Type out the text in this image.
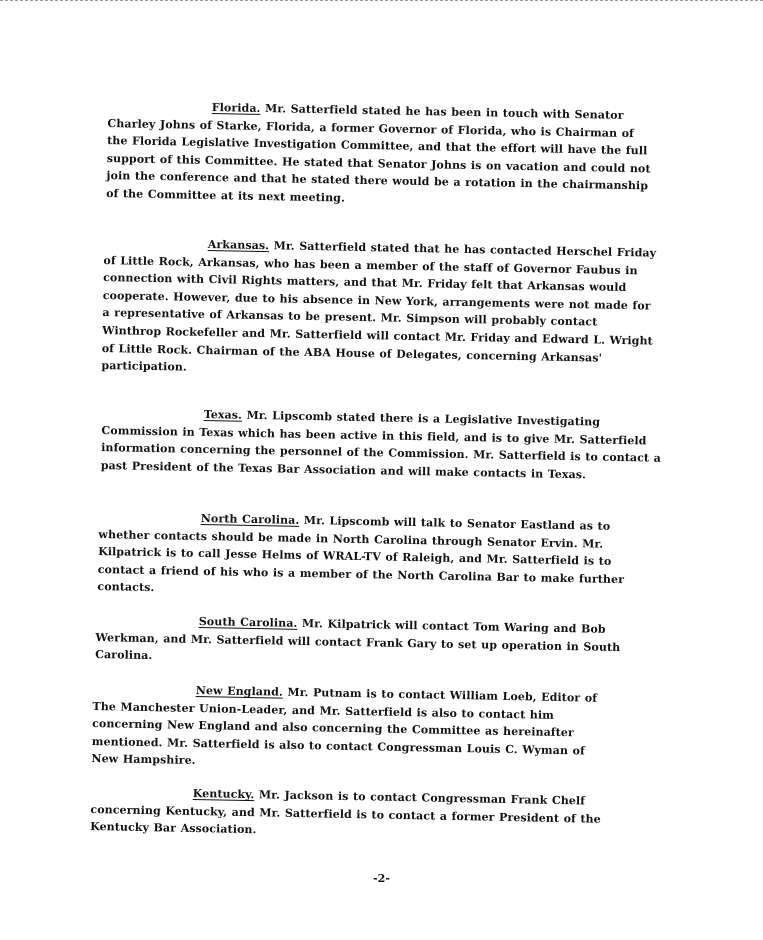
Florida. Mr. Satterfield stated he has been in touch with Senator Charley Johns of Starke, Florida, a former Governor of Florida, who is Chairman of the Florida Legislative Investigation Committee, and that the effort will have the full support of this Committee. He stated that Senator Johns is on vacation and could not join the conference and that he stated there would be a rotation in the chairmanship of the Committee at its next meeting.

Arkansas. Mr. Satterfield stated that he has contacted Herschel Friday of Little Rock, Arkansas, who has been a member of the staff of Governor Faubus in connection with Civil Rights matters, and that Mr. Friday felt that Arkansas would cooperate. However, due to his absence in New York, arrangements were not made for a representative of Arkansas to be present. Mr. Simpson will probably contact Winthrop Rockefeller and Mr. Satterfield will contact Mr. Friday and Edward L. Wright of Little Rock. Chairman of the ABA House of Delegates, concerning Arkansas' participation.

Texas. Mr. Lipscomb stated there is a Legislative Investigating Commission in Texas which has been active in this field, and is to give Mr. Satterfield information concerning the personnel of the Commission. Mr. Satterfield is to contact a past President of the Texas Bar Association and will make contacts in Texas.

North Carolina. Mr. Lipscomb will talk to Senator Eastland as to whether contacts should be made in North Carolina through Senator Ervin. Mr. Kilpatrick is to call Jesse Helms of WRAL-TV of Raleigh, and Mr. Satterfield is to contact a friend of his who is a member of the North Carolina Bar to make further contacts.

South Carolina. Mr. Kilpatrick will contact Tom Waring and Bob Werkman, and Mr. Satterfield will contact Frank Gary to set up operation in South Carolina.

New England. Mr. Putnam is to contact William Loeb, Editor of The Manchester Union-Leader, and Mr. Satterfield is also to contact him concerning New England and also concerning the Committee as hereinafter mentioned. Mr. Satterfield is also to contact Congressman Louis C. Wyman of New Hampshire.

Kentucky. Mr. Jackson is to contact Congressman Frank Chelf concerning Kentucky, and Mr. Satterfield is to contact a former President of the Kentucky Bar Association.

-2-
